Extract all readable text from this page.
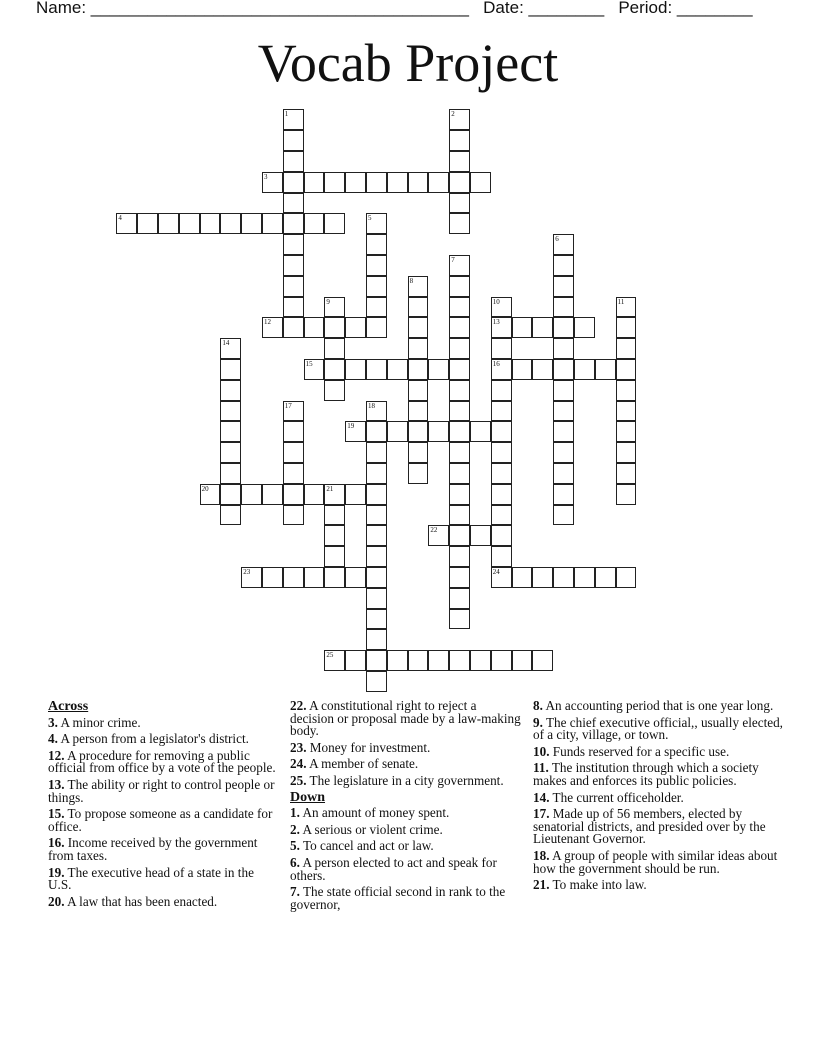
Name: ________________________________________ Date: ________ Period: ________
Vocab Project
1	2
3
4	5
6
7
8
9	10
13
16
24
11
12
14
15
17	18
19
20	21
22
23
25
Across
3. A minor crime.
4. A person from a legislator's district.
12. A procedure for removing a public official from office by a vote of the people.
13. The ability or right to control people or things.
15. To propose someone as a candidate for office.
16. Income received by the government from taxes.
19. The executive head of a state in the U.S.
20. A law that has been enacted.
22. A constitutional right to reject a decision or proposal made by a law-making body.
23. Money for investment.
24. A member of senate.
25. The legislature in a city government.
Down
1. An amount of money spent.
2. A serious or violent crime.
5. To cancel and act or law.
6. A person elected to act and speak for others.
7. The state official second in rank to the governor,
8. An accounting period that is one year long.
9. The chief executive official,, usually elected, of a city, village, or town.
10. Funds reserved for a specific use.
11. The institution through which a society makes and enforces its public policies.
14. The current officeholder.
17. Made up of 56 members, elected by senatorial districts, and presided over by the Lieutenant Governor.
18. A group of people with similar ideas about how the government should be run.
21. To make into law.
